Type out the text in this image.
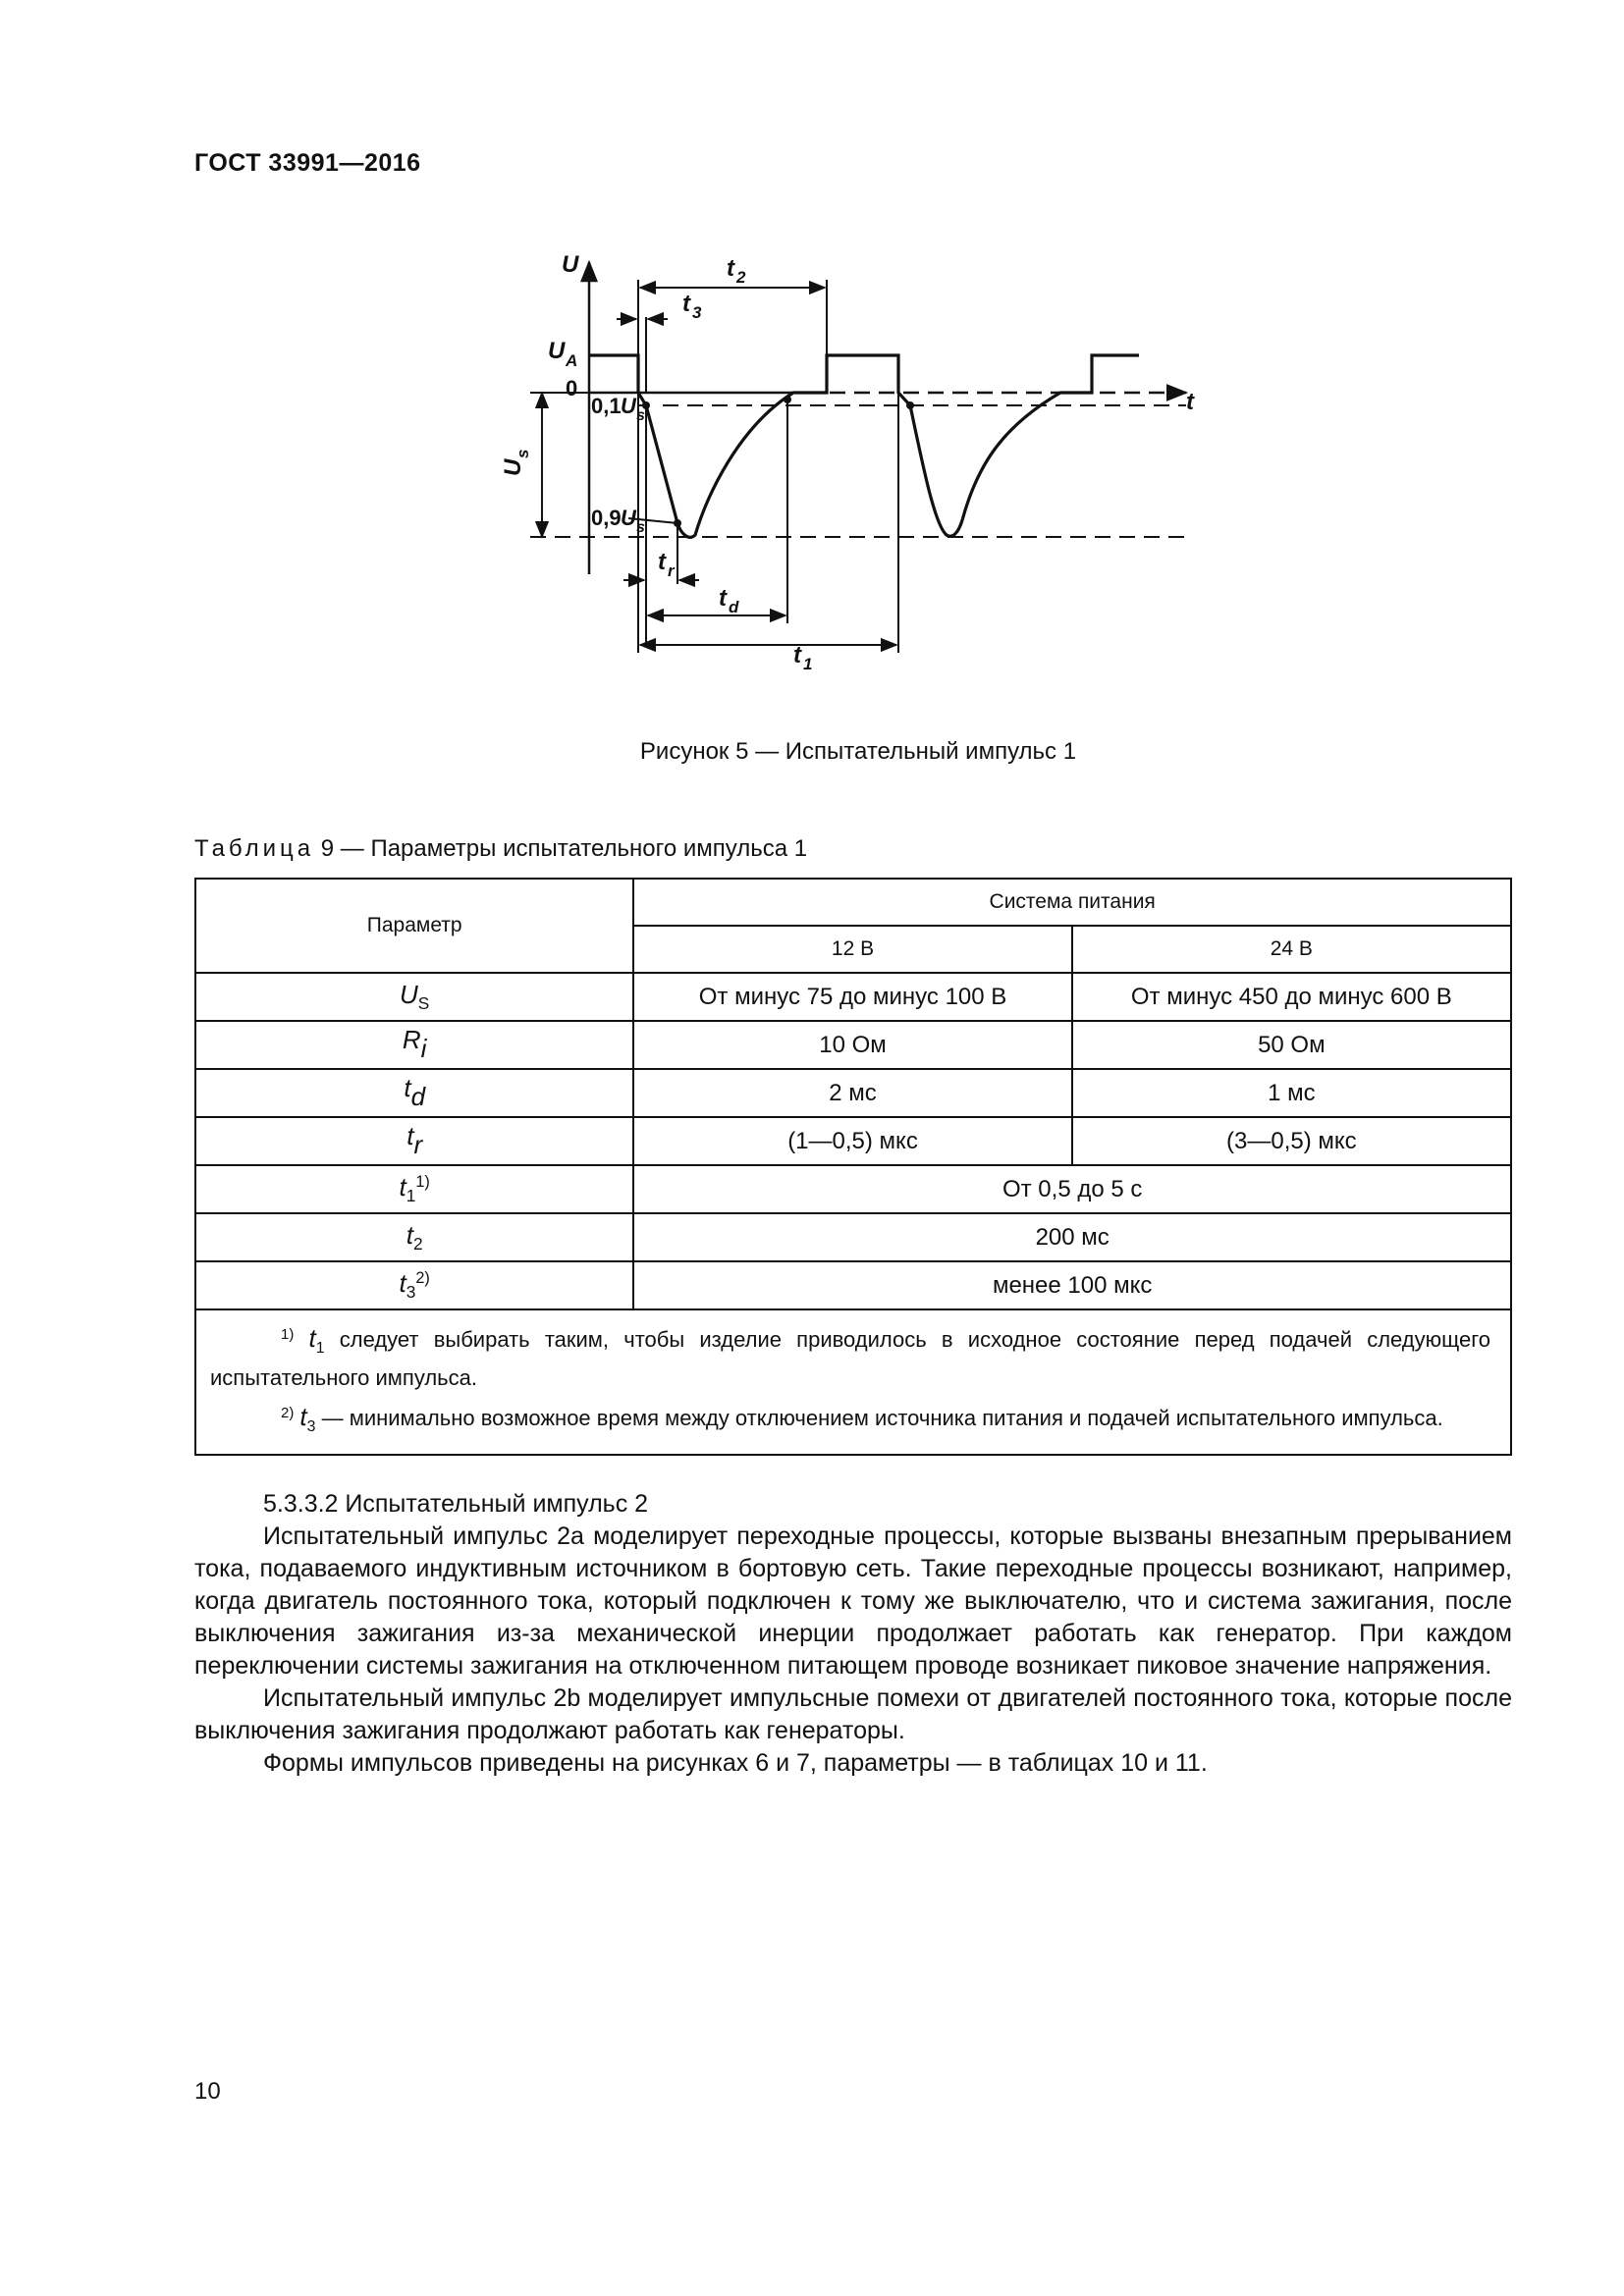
ГОСТ 33991—2016
U
t
U A
0
U
s
0,1 U s
0,9 U s
t 2
t 3
t r
t d
t 1
Рисунок 5 — Испытательный импульс 1
Таблица 9 — Параметры испытательного импульса 1
Параметр	Система питания	
	12 В	24 В
$U_S$	От минус 75 до минус 100 В	От минус 450 до минус 600 В
$R_i$	10 Ом	50 Ом
$t_d$	2 мс	1 мс
$t_r$	(1—0,5) мкс	(3—0,5) мкс
$t_1^{1)}$	От 0,5 до 5 с	
$t_2$	200 мс	
$t_3^{2)}$	менее 100 мкс	

$^{1)}$ $t_1$ следует выбирать таким, чтобы изделие приводилось в исходное состояние перед подачей следующего испытательного импульса.

$^{2)}$ $t_3$ — минимально возможное время между отключением источника питания и подачей испытательного импульса.		

5.3.3.2 Испытательный импульс 2

Испытательный импульс 2a моделирует переходные процессы, которые вызваны внезапным прерыванием тока, подаваемого индуктивным источником в бортовую сеть. Такие переходные процессы возникают, например, когда двигатель постоянного тока, который подключен к тому же выключателю, что и система зажигания, после выключения зажигания из-за механической инерции продолжает работать как генератор. При каждом переключении системы зажигания на отключенном питающем проводе возникает пиковое значение напряжения.

Испытательный импульс 2b моделирует импульсные помехи от двигателей постоянного тока, которые после выключения зажигания продолжают работать как генераторы.

Формы импульсов приведены на рисунках 6 и 7, параметры — в таблицах 10 и 11.

10
